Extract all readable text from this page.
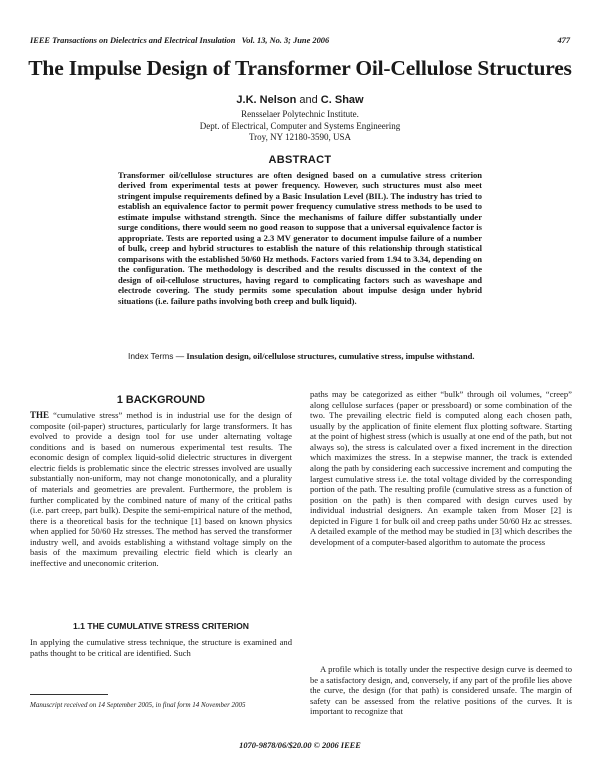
IEEE Transactions on Dielectrics and Electrical Insulation Vol. 13, No. 3; June 2006	477
The Impulse Design of Transformer Oil-Cellulose Structures
J.K. Nelson and C. Shaw
Rensselaer Polytechnic Institute.
Dept. of Electrical, Computer and Systems Engineering
Troy, NY 12180-3590, USA
ABSTRACT

Transformer oil/cellulose structures are often designed based on a cumulative stress criterion derived from experimental tests at power frequency. However, such structures must also meet stringent impulse requirements defined by a Basic Insulation Level (BIL). The industry has tried to establish an equivalence factor to permit power frequency cumulative stress methods to be used to estimate impulse withstand strength. Since the mechanisms of failure differ substantially under surge conditions, there would seem no good reason to suppose that a universal equivalence factor is appropriate. Tests are reported using a 2.3 MV generator to document impulse failure of a number of bulk, creep and hybrid structures to establish the nature of this relationship through statistical comparisons with the established 50/60 Hz methods. Factors varied from 1.94 to 3.34, depending on the configuration. The methodology is described and the results discussed in the context of the design of oil-cellulose structures, having regard to complicating factors such as waveshape and electrode covering. The study permits some speculation about impulse design under hybrid situations (i.e. failure paths involving both creep and bulk liquid).

Index Terms — Insulation design, oil/cellulose structures, cumulative stress, impulse withstand.

1 BACKGROUND

THE “cumulative stress” method is in industrial use for the design of composite (oil-paper) structures, particularly for large transformers. It has evolved to provide a design tool for use under alternating voltage conditions and is based on numerous experimental test results. The economic design of complex liquid-solid dielectric structures in divergent electric fields is problematic since the electric stresses involved are usually substantially non-uniform, may not change monotonically, and a plurality of materials and geometries are prevalent. Furthermore, the problem is further complicated by the combined nature of many of the critical paths (i.e. part creep, part bulk). Despite the semi-empirical nature of the method, there is a theoretical basis for the technique [1] based on known physics when applied for 50/60 Hz stresses. The method has served the transformer industry well, and avoids establishing a withstand voltage simply on the basis of the maximum prevailing electric field which is clearly an ineffective and uneconomic criterion.

1.1 THE CUMULATIVE STRESS CRITERION

In applying the cumulative stress technique, the structure is examined and paths thought to be critical are identified. Such

Manuscript received on 14 September 2005, in final form 14 November 2005

paths may be categorized as either “bulk” through oil volumes, “creep” along cellulose surfaces (paper or pressboard) or some combination of the two. The prevailing electric field is computed along each chosen path, usually by the application of finite element flux plotting software. Starting at the point of highest stress (which is usually at one end of the path, but not always so), the stress is calculated over a fixed increment in the direction which maximizes the stress. In a stepwise manner, the track is extended along the path by considering each successive increment and computing the largest cumulative stress i.e. the total voltage divided by the corresponding portion of the path. The resulting profile (cumulative stress as a function of position on the path) is then compared with design curves used by individual industrial designers. An example taken from Moser [2] is depicted in Figure 1 for bulk oil and creep paths under 50/60 Hz ac stresses. A detailed example of the method may be studied in [3] which describes the development of a computer-based algorithm to automate the process

A profile which is totally under the respective design curve is deemed to be a satisfactory design, and, conversely, if any part of the profile lies above the curve, the design (for that path) is considered unsafe. The margin of safety can be assessed from the relative positions of the curves. It is important to recognize that

1070-9878/06/$20.00 © 2006 IEEE
